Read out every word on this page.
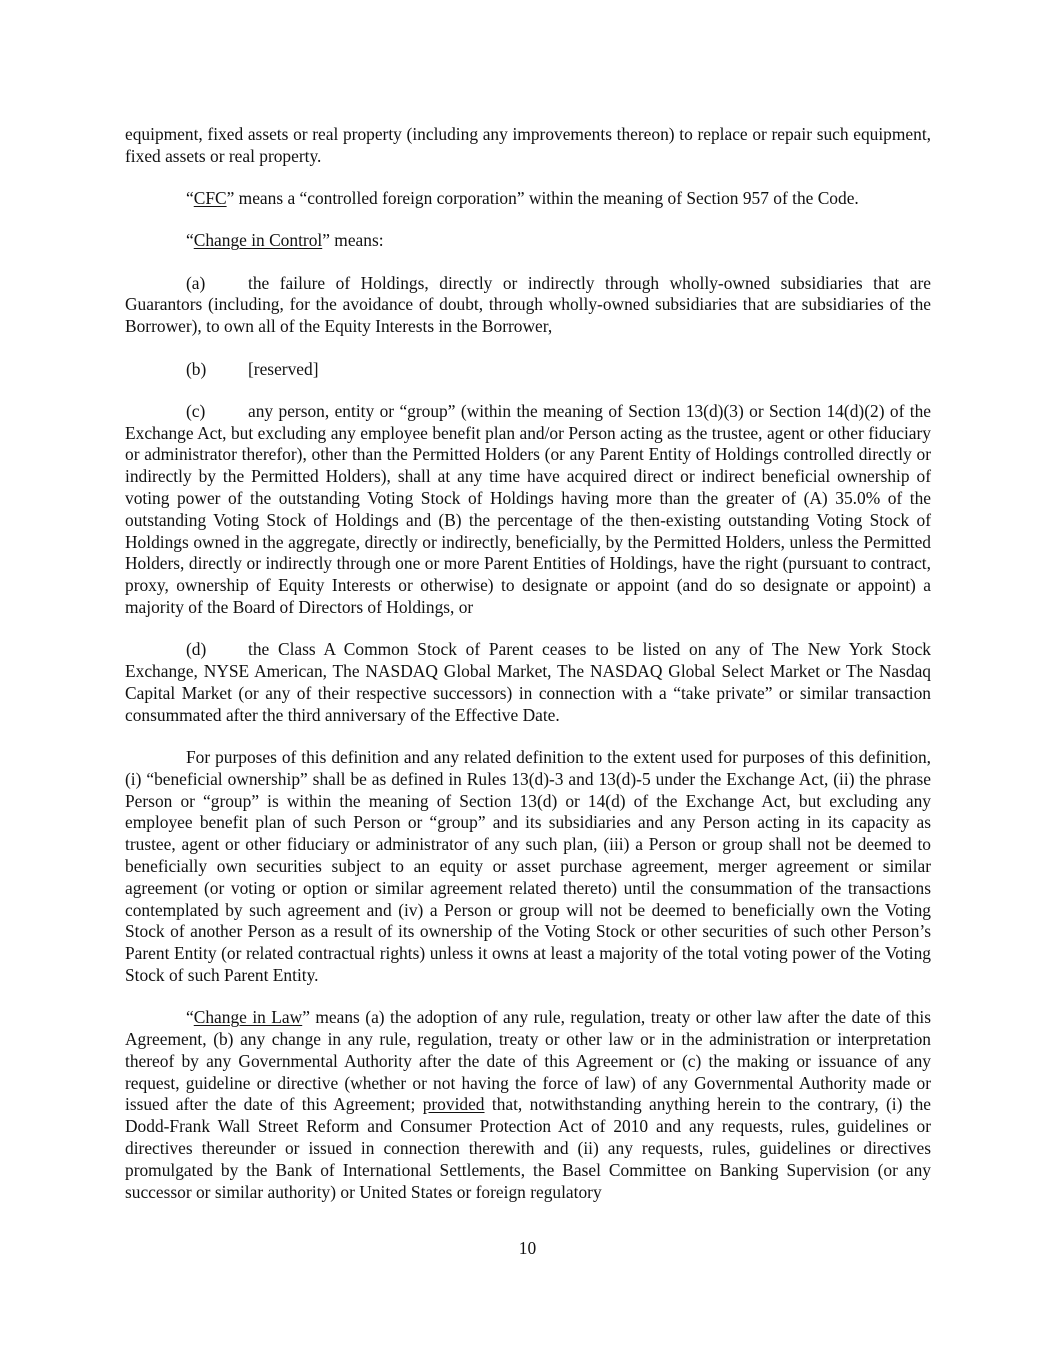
equipment, fixed assets or real property (including any improvements thereon) to replace or repair such equipment, fixed assets or real property.

“CFC” means a “controlled foreign corporation” within the meaning of Section 957 of the Code.

“Change in Control” means:

(a) the failure of Holdings, directly or indirectly through wholly-owned subsidiaries that are Guarantors (including, for the avoidance of doubt, through wholly-owned subsidiaries that are subsidiaries of the Borrower), to own all of the Equity Interests in the Borrower,

(b) [reserved]

(c) any person, entity or “group” (within the meaning of Section 13(d)(3) or Section 14(d)(2) of the Exchange Act, but excluding any employee benefit plan and/or Person acting as the trustee, agent or other fiduciary or administrator therefor), other than the Permitted Holders (or any Parent Entity of Holdings controlled directly or indirectly by the Permitted Holders), shall at any time have acquired direct or indirect beneficial ownership of voting power of the outstanding Voting Stock of Holdings having more than the greater of (A) 35.0% of the outstanding Voting Stock of Holdings and (B) the percentage of the then-existing outstanding Voting Stock of Holdings owned in the aggregate, directly or indirectly, beneficially, by the Permitted Holders, unless the Permitted Holders, directly or indirectly through one or more Parent Entities of Holdings, have the right (pursuant to contract, proxy, ownership of Equity Interests or otherwise) to designate or appoint (and do so designate or appoint) a majority of the Board of Directors of Holdings, or

(d) the Class A Common Stock of Parent ceases to be listed on any of The New York Stock Exchange, NYSE American, The NASDAQ Global Market, The NASDAQ Global Select Market or The Nasdaq Capital Market (or any of their respective successors) in connection with a “take private” or similar transaction consummated after the third anniversary of the Effective Date.

For purposes of this definition and any related definition to the extent used for purposes of this definition, (i) “beneficial ownership” shall be as defined in Rules 13(d)-3 and 13(d)-5 under the Exchange Act, (ii) the phrase Person or “group” is within the meaning of Section 13(d) or 14(d) of the Exchange Act, but excluding any employee benefit plan of such Person or “group” and its subsidiaries and any Person acting in its capacity as trustee, agent or other fiduciary or administrator of any such plan, (iii) a Person or group shall not be deemed to beneficially own securities subject to an equity or asset purchase agreement, merger agreement or similar agreement (or voting or option or similar agreement related thereto) until the consummation of the transactions contemplated by such agreement and (iv) a Person or group will not be deemed to beneficially own the Voting Stock of another Person as a result of its ownership of the Voting Stock or other securities of such other Person’s Parent Entity (or related contractual rights) unless it owns at least a majority of the total voting power of the Voting Stock of such Parent Entity.

“Change in Law” means (a) the adoption of any rule, regulation, treaty or other law after the date of this Agreement, (b) any change in any rule, regulation, treaty or other law or in the administration or interpretation thereof by any Governmental Authority after the date of this Agreement or (c) the making or issuance of any request, guideline or directive (whether or not having the force of law) of any Governmental Authority made or issued after the date of this Agreement; provided that, notwithstanding anything herein to the contrary, (i) the Dodd-Frank Wall Street Reform and Consumer Protection Act of 2010 and any requests, rules, guidelines or directives thereunder or issued in connection therewith and (ii) any requests, rules, guidelines or directives promulgated by the Bank of International Settlements, the Basel Committee on Banking Supervision (or any successor or similar authority) or United States or foreign regulatory

10
